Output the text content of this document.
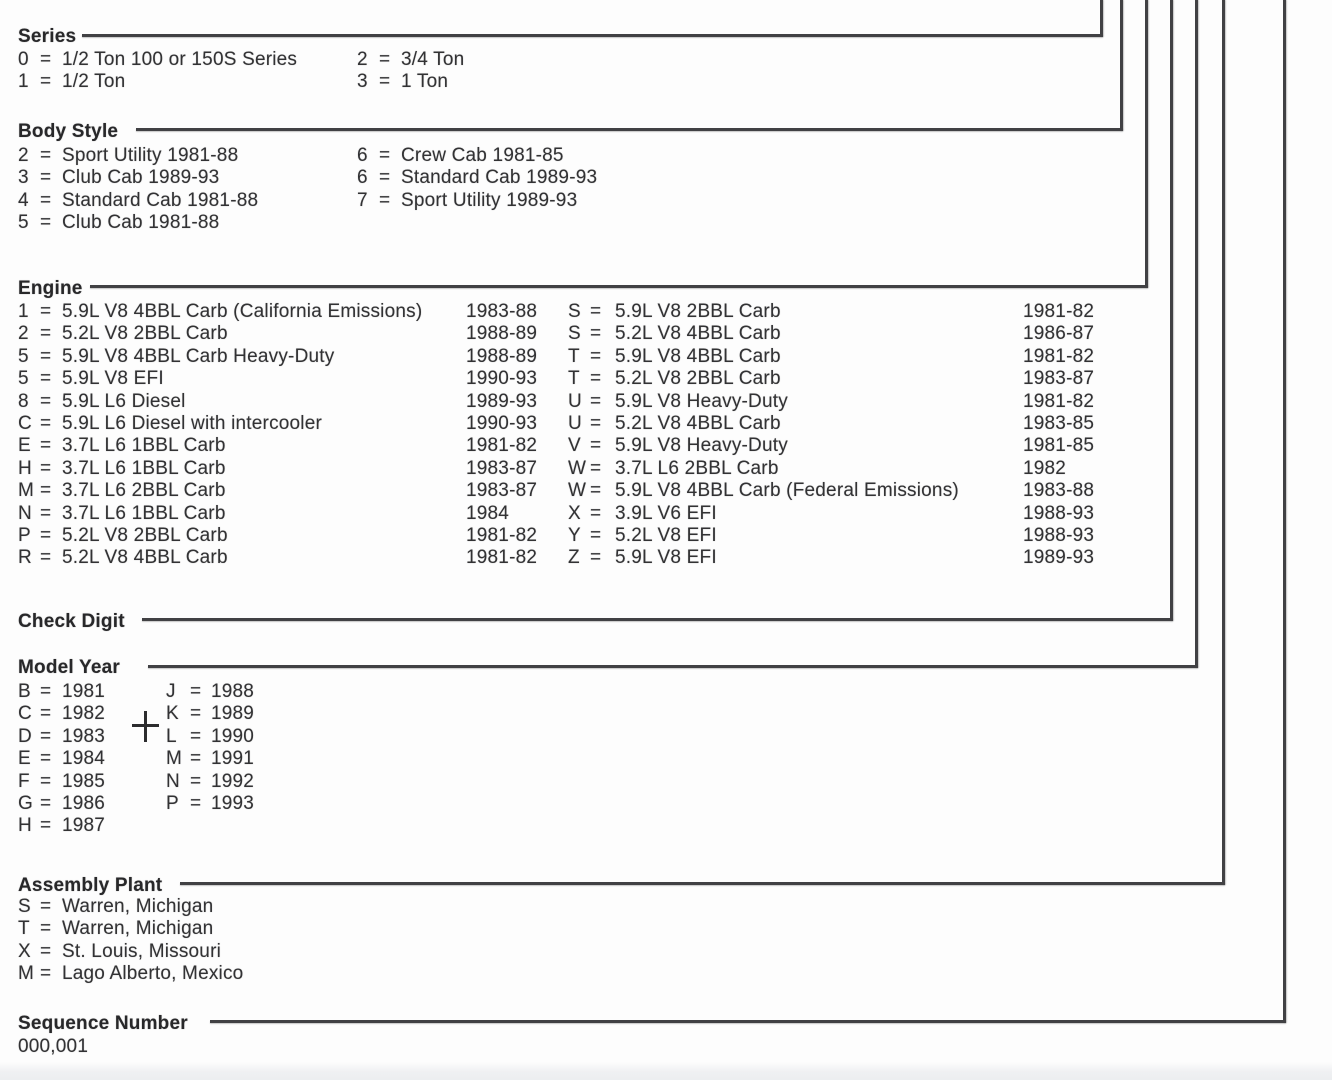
Series
0 = 1/2 Ton 100 or 150S Series
1 = 1/2 Ton
2 = 3/4 Ton
3 = 1 Ton
Body Style
2 = Sport Utility 1981-88
3 = Club Cab 1989-93
4 = Standard Cab 1981-88
5 = Club Cab 1981-88
6 = Crew Cab 1981-85
6 = Standard Cab 1989-93
7 = Sport Utility 1989-93
Engine
1 = 5.9L V8 4BBL Carb (California Emissions)	1983-88
2 = 5.2L V8 2BBL Carb	1988-89
5 = 5.9L V8 4BBL Carb Heavy-Duty	1988-89
5 = 5.9L V8 EFI	1990-93
8 = 5.9L L6 Diesel	1989-93
C = 5.9L L6 Diesel with intercooler	1990-93
E = 3.7L L6 1BBL Carb	1981-82
H = 3.7L L6 1BBL Carb	1983-87
M = 3.7L L6 2BBL Carb	1983-87
N = 3.7L L6 1BBL Carb	1984
P = 5.2L V8 2BBL Carb	1981-82
R = 5.2L V8 4BBL Carb	1981-82
S = 5.9L V8 2BBL Carb	1981-82
S = 5.2L V8 4BBL Carb	1986-87
T = 5.9L V8 4BBL Carb	1981-82
T = 5.2L V8 2BBL Carb	1983-87
U = 5.9L V8 Heavy-Duty	1981-82
U = 5.2L V8 4BBL Carb	1983-85
V = 5.9L V8 Heavy-Duty	1981-85
W = 3.7L L6 2BBL Carb	1982
W = 5.9L V8 4BBL Carb (Federal Emissions)	1983-88
X = 3.9L V6 EFI	1988-93
Y = 5.2L V8 EFI	1988-93
Z = 5.9L V8 EFI	1989-93
Check Digit
Model Year
B = 1981
C = 1982
D = 1983
E = 1984
F = 1985
G = 1986
H = 1987
J = 1988
K = 1989
L = 1990
M = 1991
N = 1992
P = 1993
Assembly Plant
S = Warren, Michigan
T = Warren, Michigan
X = St. Louis, Missouri
M = Lago Alberto, Mexico
Sequence Number
000,001
